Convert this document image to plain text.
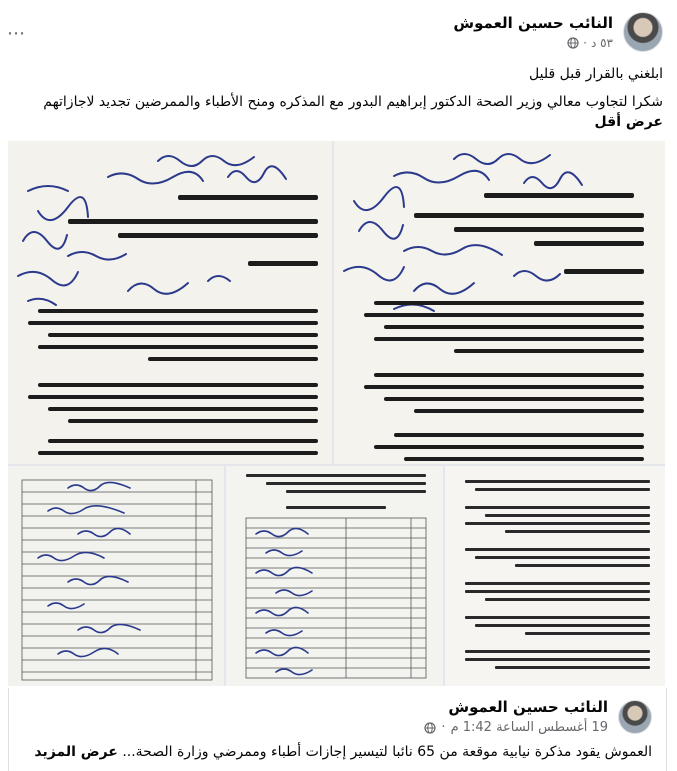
النائب حسين العموش
٥٣ د
·
⋯

ابلغني بالقرار قبل قليل

شكرا لتجاوب معالي وزير الصحة الدكتور إبراهيم البدور مع المذكره ومنح الأطباء والممرضين تجديد لاجازاتهم

عرض أقل

النائب حسين العموش
19 أغسطس الساعة 1:42 م
·
العموش يقود مذكرة نيابية موقعة من 65 نائبا لتيسير إجازات أطباء وممرضي وزارة الصحة... عرض المزيد
